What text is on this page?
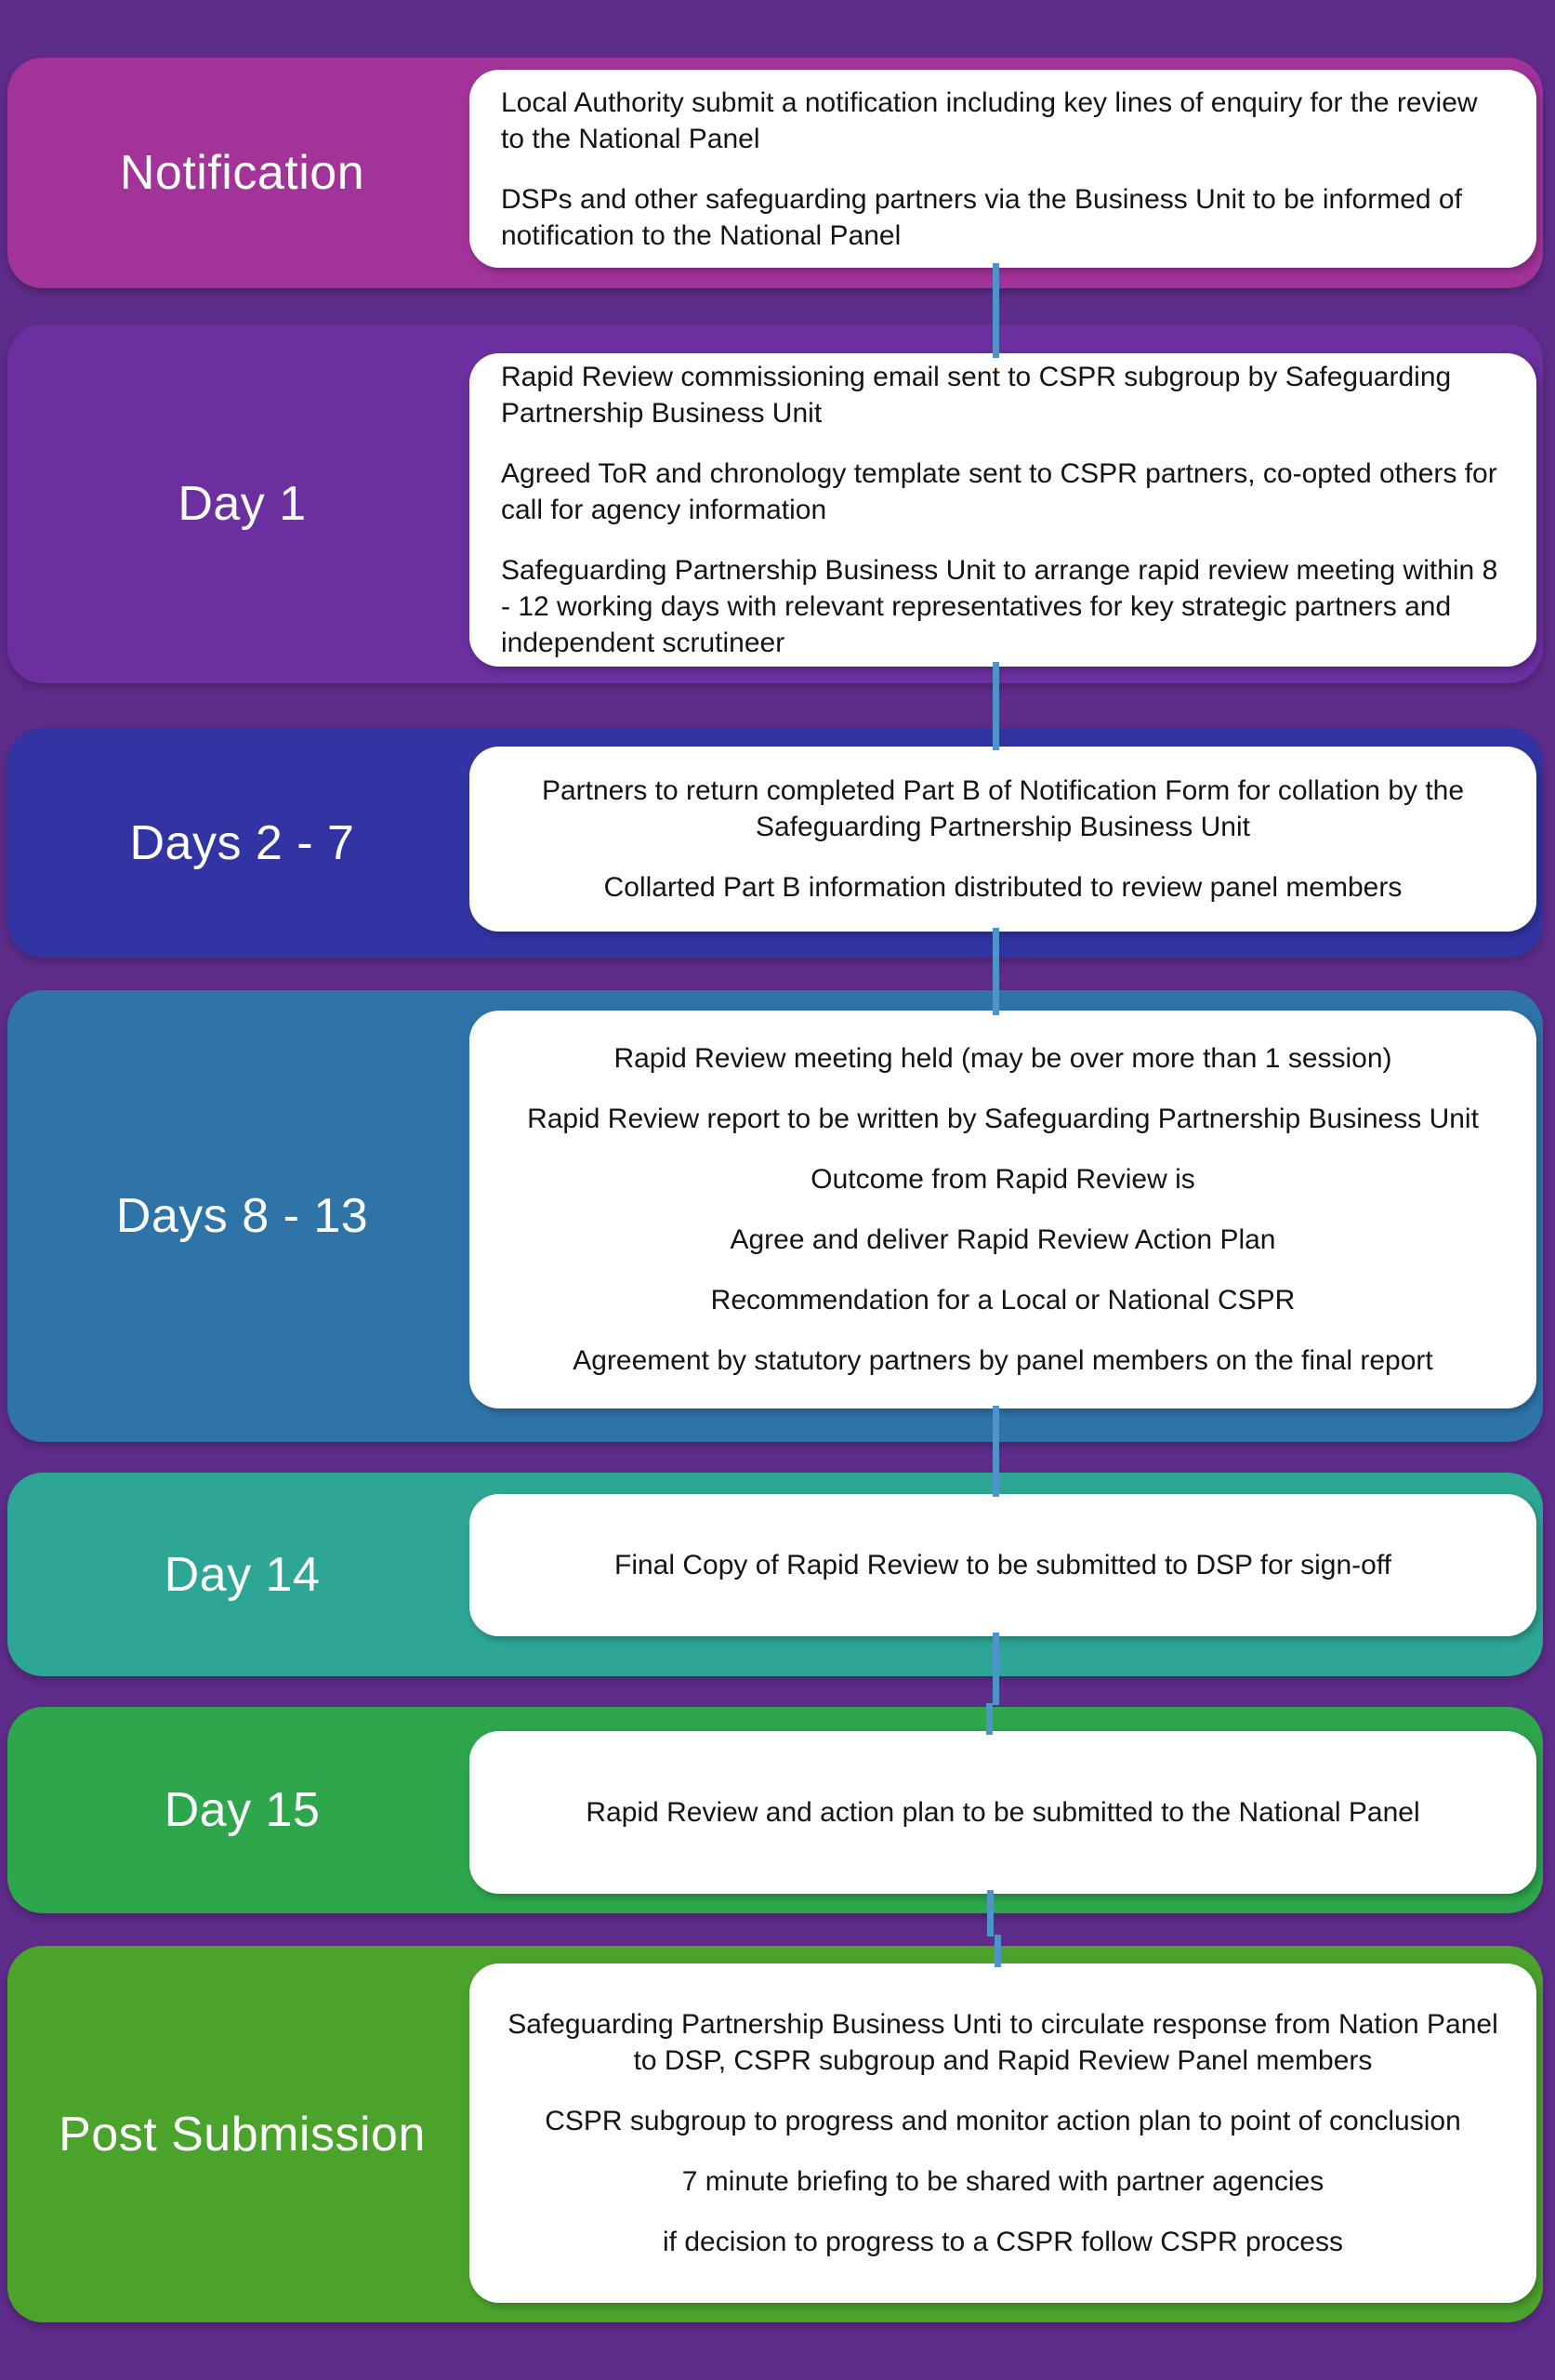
Notification

Local Authority submit a notification including key lines of enquiry for the review to the National Panel

DSPs and other safeguarding partners via the Business Unit to be informed of notification to the National Panel

Day 1

Rapid Review commissioning email sent to CSPR subgroup by Safeguarding Partnership Business Unit

Agreed ToR and chronology template sent to CSPR partners, co-opted others for call for agency information

Safeguarding Partnership Business Unit to arrange rapid review meeting within 8 - 12 working days with relevant representatives for key strategic partners and independent scrutineer

Days 2 - 7

Partners to return completed Part B of Notification Form for collation by the Safeguarding Partnership Business Unit

Collarted Part B information distributed to review panel members

Days 8 - 13

Rapid Review meeting held (may be over more than 1 session)

Rapid Review report to be written by Safeguarding Partnership Business Unit

Outcome from Rapid Review is

Agree and deliver Rapid Review Action Plan

Recommendation for a Local or National CSPR

Agreement by statutory partners by panel members on the final report

Day 14	Final Copy of Rapid Review to be submitted to DSP for sign-off

Day 15	Rapid Review and action plan to be submitted to the National Panel

Post Submission

Safeguarding Partnership Business Unti to circulate response from Nation Panel to DSP, CSPR subgroup and Rapid Review Panel members

CSPR subgroup to progress and monitor action plan to point of conclusion

7 minute briefing to be shared with partner agencies

if decision to progress to a CSPR follow CSPR process
